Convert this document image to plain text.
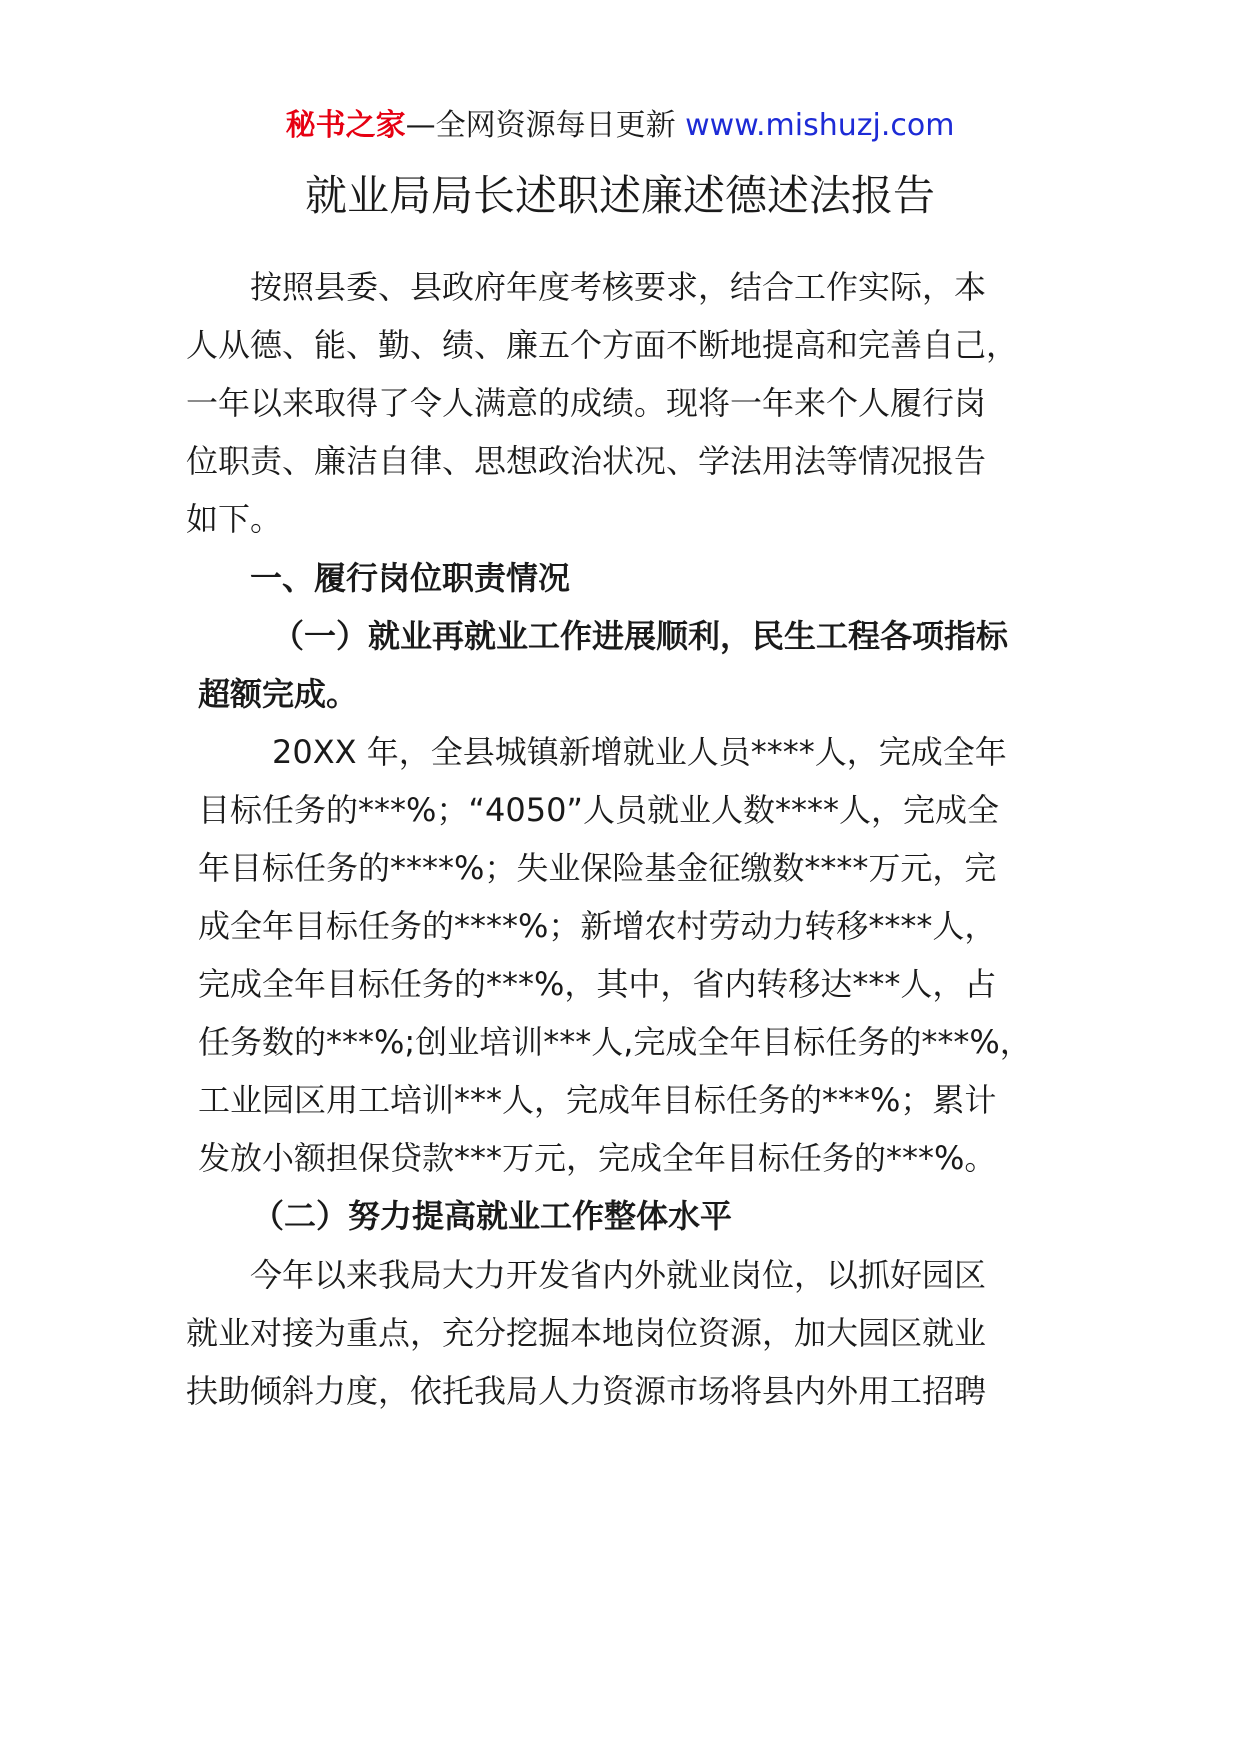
秘书之家—全网资源每日更新 www.mishuzj.com
就业局局长述职述廉述德述法报告
按照县委、县政府年度考核要求，结合工作实际，本
人从德、能、勤、绩、廉五个方面不断地提高和完善自己，
一年以来取得了令人满意的成绩。现将一年来个人履行岗
位职责、廉洁自律、思想政治状况、学法用法等情况报告
如下。
一、履行岗位职责情况
（一）就业再就业工作进展顺利，民生工程各项指标
超额完成。
20XX 年，全县城镇新增就业人员****人，完成全年
目标任务的***%；“4050”人员就业人数****人，完成全
年目标任务的****%；失业保险基金征缴数****万元，完
成全年目标任务的****%；新增农村劳动力转移****人，
完成全年目标任务的***%，其中，省内转移达***人，占
任务数的***%;创业培训***人,完成全年目标任务的***%，
工业园区用工培训***人，完成年目标任务的***%；累计
发放小额担保贷款***万元，完成全年目标任务的***%。
（二）努力提高就业工作整体水平
今年以来我局大力开发省内外就业岗位，以抓好园区
就业对接为重点，充分挖掘本地岗位资源，加大园区就业
扶助倾斜力度，依托我局人力资源市场将县内外用工招聘
